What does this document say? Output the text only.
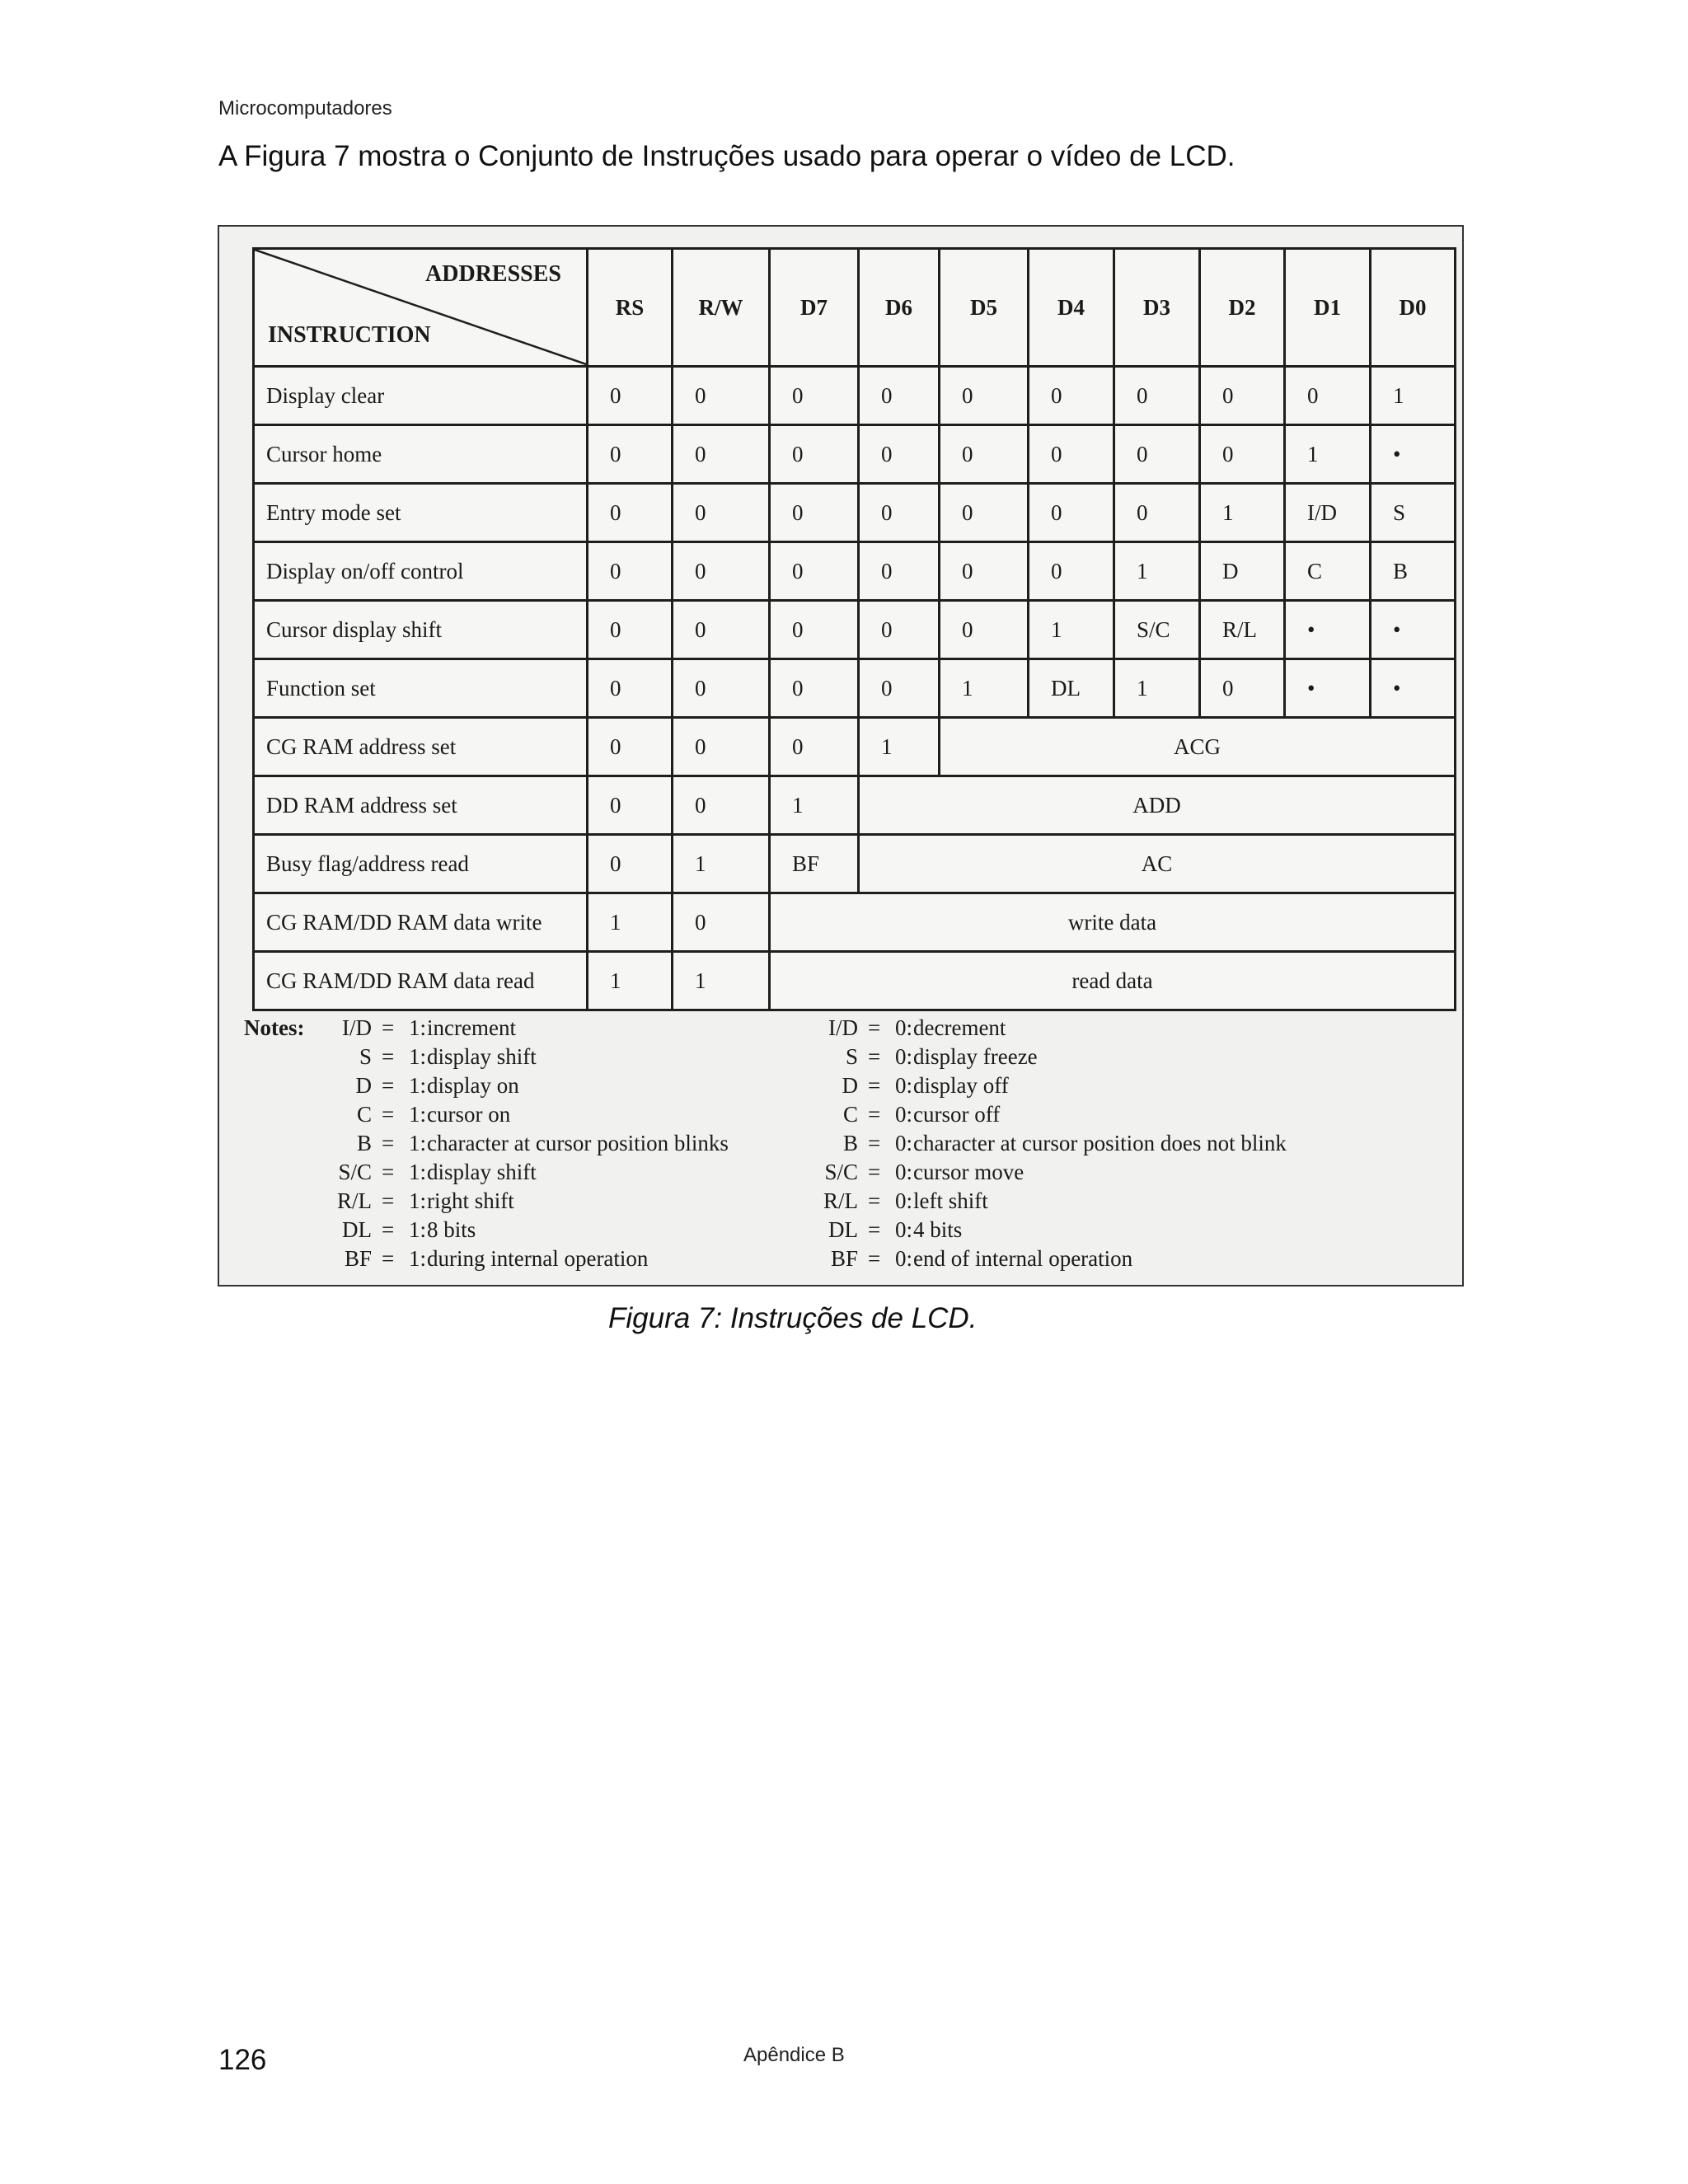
Microcomputadores
A Figura 7 mostra o Conjunto de Instruções usado para operar o vídeo de LCD.
ADDRESSES
INSTRUCTION	RS	R/W	D7	D6	D5	D4	D3	D2	D1	D0
Display clear	0	0	0	0	0	0	0	0	0	1
Cursor home	0	0	0	0	0	0	0	0	1	•
Entry mode set	0	0	0	0	0	0	0	1	I/D	S
Display on/off control	0	0	0	0	0	0	1	D	C	B
Cursor display shift	0	0	0	0	0	1	S/C	R/L	•	•
Function set	0	0	0	0	1	DL	1	0	•	•
CG RAM address set	0	0	0	1	ACG					
DD RAM address set	0	0	1	ADD						
Busy flag/address read	0	1	BF	AC						
CG RAM/DD RAM data write	1	0	write data							
CG RAM/DD RAM data read	1	1	read data							
Notes:	I/D = 1: increment
S = 1: display shift
D = 1: display on
C = 1: cursor on
B = 1: character at cursor position blinks
S/C = 1: display shift
R/L = 1: right shift
DL = 1: 8 bits
BF = 1: during internal operation
I/D = 0: decrement
S = 0: display freeze
D = 0: display off
C = 0: cursor off
B = 0: character at cursor position does not blink
S/C = 0: cursor move
R/L = 0: left shift
DL = 0: 4 bits
BF = 0: end of internal operation
Figura 7: Instruções de LCD.
126	Apêndice B
